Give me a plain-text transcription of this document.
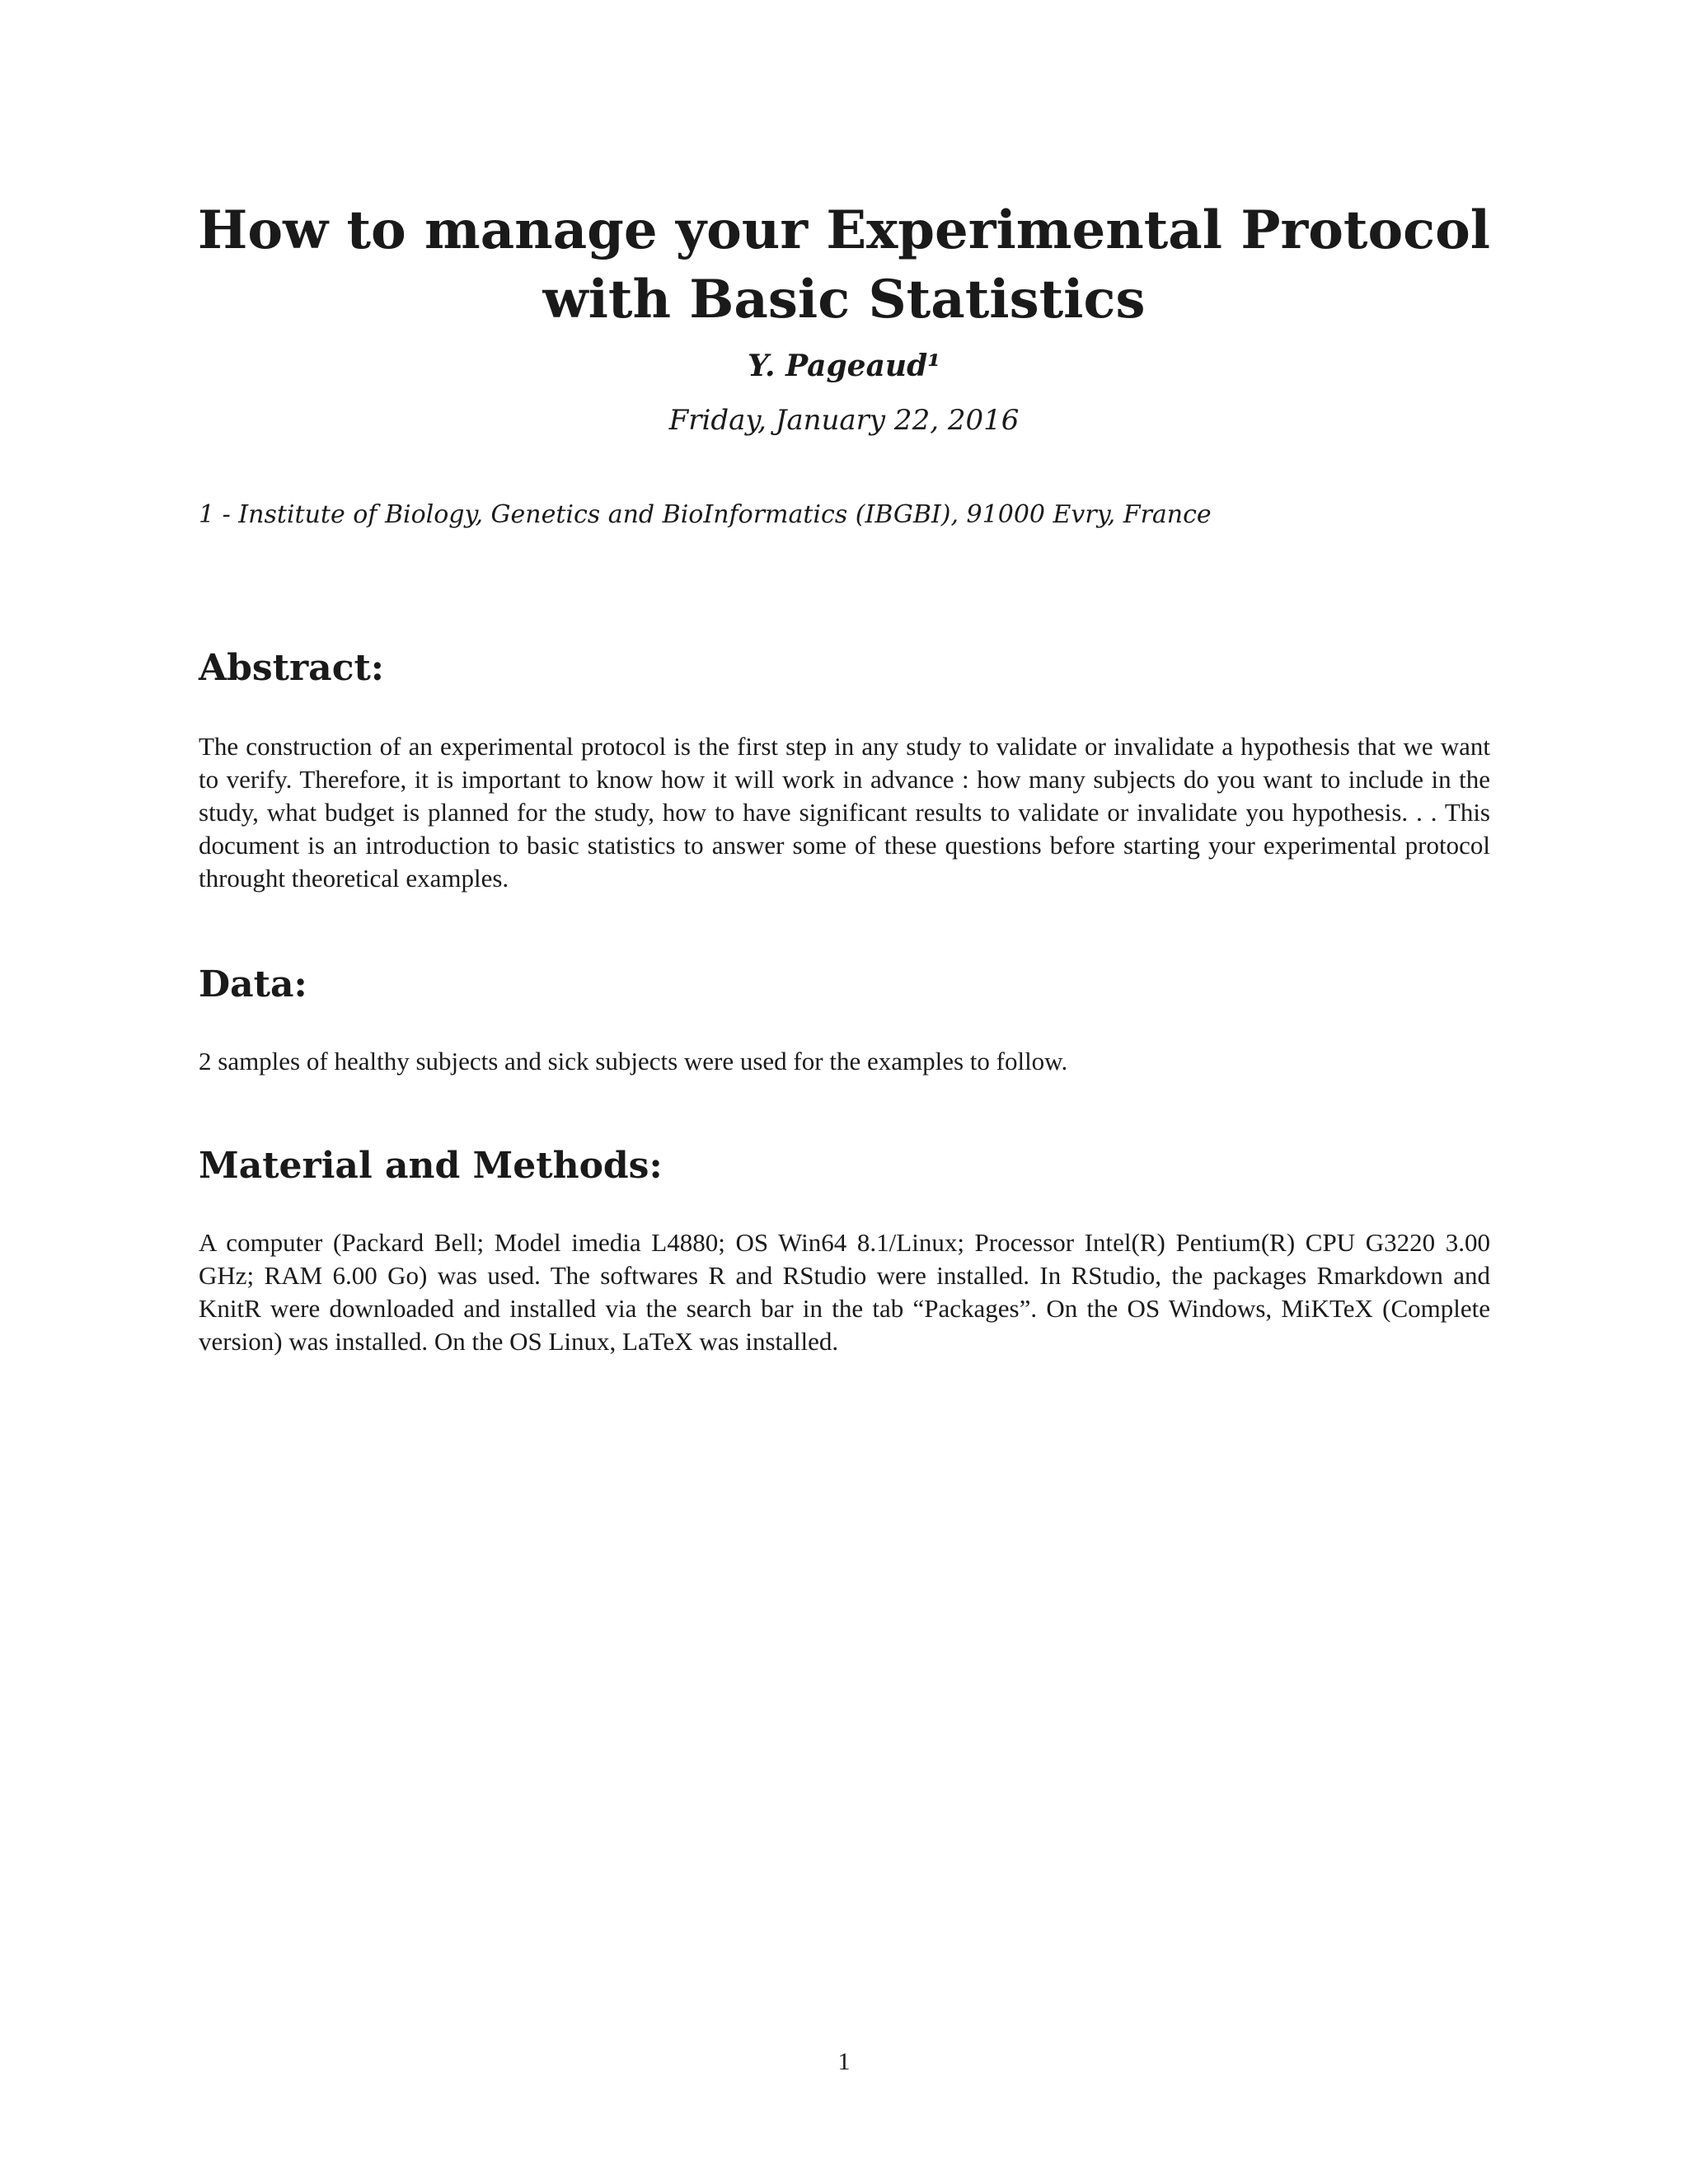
How to manage your Experimental Protocol
with Basic Statistics
Y. Pageaud¹
Friday, January 22, 2016
1 - Institute of Biology, Genetics and BioInformatics (IBGBI), 91000 Evry, France
Abstract:

The construction of an experimental protocol is the first step in any study to validate or invalidate a hypothesis that we want to verify. Therefore, it is important to know how it will work in advance : how many subjects do you want to include in the study, what budget is planned for the study, how to have significant results to validate or invalidate you hypothesis. . . This document is an introduction to basic statistics to answer some of these questions before starting your experimental protocol throught theoretical examples.

Data:

2 samples of healthy subjects and sick subjects were used for the examples to follow.

Material and Methods:

A computer (Packard Bell; Model imedia L4880; OS Win64 8.1/Linux; Processor Intel(R) Pentium(R) CPU G3220 3.00 GHz; RAM 6.00 Go) was used. The softwares R and RStudio were installed. In RStudio, the packages Rmarkdown and KnitR were downloaded and installed via the search bar in the tab “Packages”. On the OS Windows, MiKTeX (Complete version) was installed. On the OS Linux, LaTeX was installed.

1
